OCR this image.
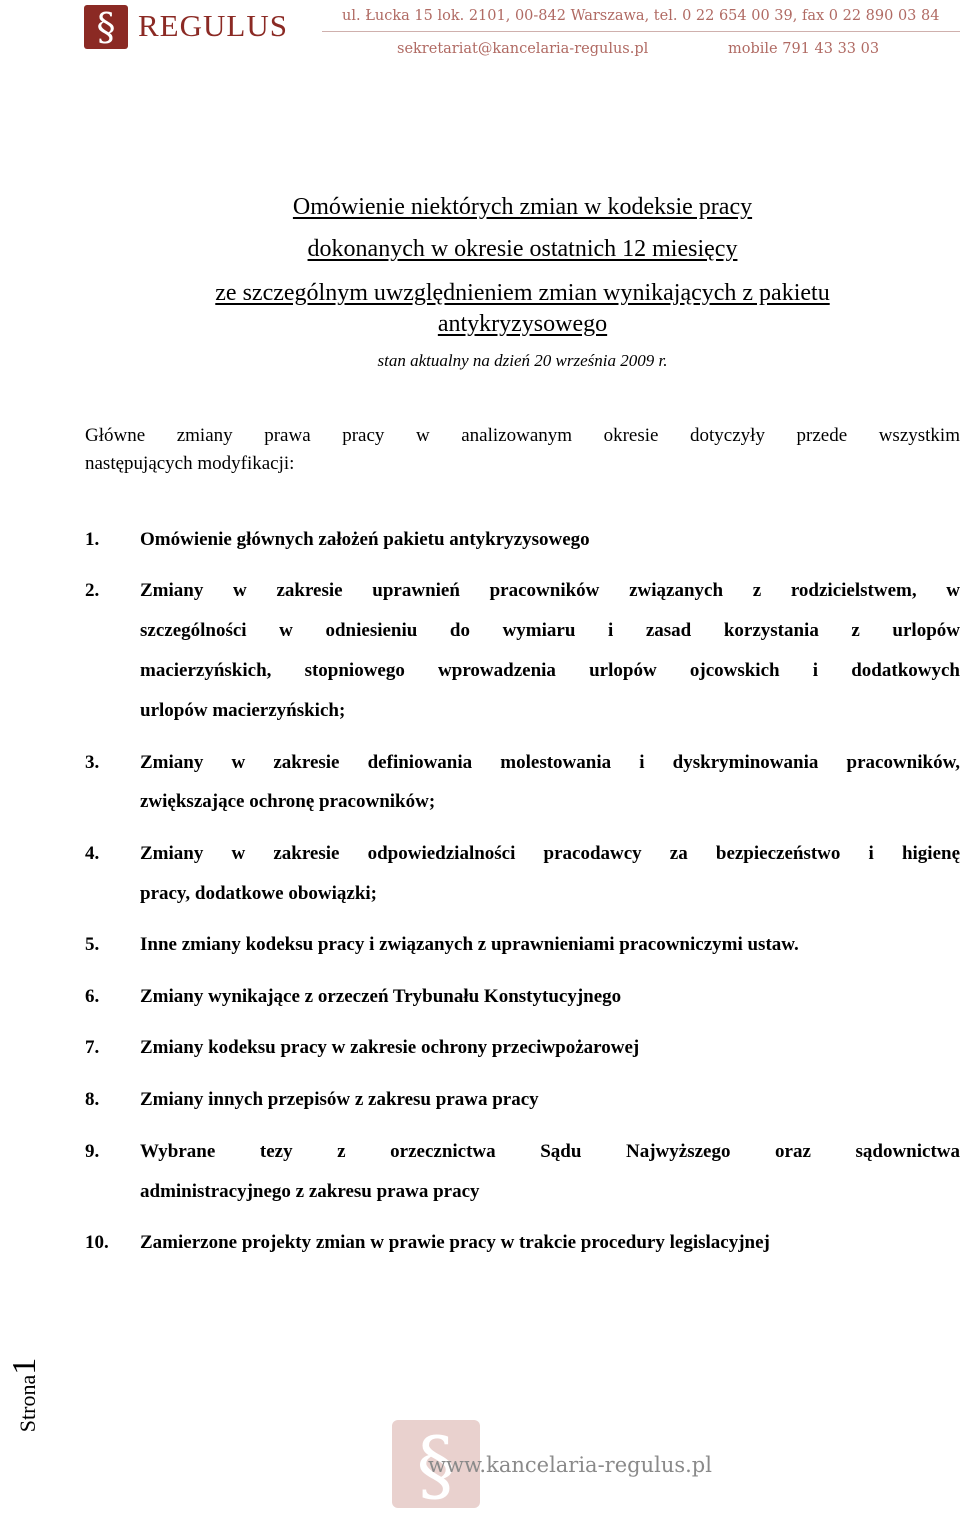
§ REGULUS	ul. Łucka 15 lok. 2101, 00-842 Warszawa, tel. 0 22 654 00 39, fax 0 22 890 03 84
sekretariat@kancelaria-regulus.pl	mobile 791 43 33 03
Omówienie niektórych zmian w kodeksie pracy
dokonanych w okresie ostatnich 12 miesięcy
ze szczególnym uwzględnieniem zmian wynikających z pakietu
antykryzysowego
stan aktualny na dzień 20 września 2009 r.
Główne zmiany prawa pracy w analizowanym okresie dotyczyły przede wszystkim
następujących modyfikacji:
1. Omówienie głównych założeń pakietu antykryzysowego
2. Zmiany w zakresie uprawnień pracowników związanych z rodzicielstwem, w
szczególności w odniesieniu do wymiaru i zasad korzystania z urlopów
macierzyńskich, stopniowego wprowadzenia urlopów ojcowskich i dodatkowych
urlopów macierzyńskich;
3. Zmiany w zakresie definiowania molestowania i dyskryminowania pracowników,
zwiększające ochronę pracowników;
4. Zmiany w zakresie odpowiedzialności pracodawcy za bezpieczeństwo i higienę
pracy, dodatkowe obowiązki;
5. Inne zmiany kodeksu pracy i związanych z uprawnieniami pracowniczymi ustaw.
6. Zmiany wynikające z orzeczeń Trybunału Konstytucyjnego
7. Zmiany kodeksu pracy w zakresie ochrony przeciwpożarowej
8. Zmiany innych przepisów z zakresu prawa pracy
9. Wybrane tezy z orzecznictwa Sądu Najwyższego oraz sądownictwa
administracyjnego z zakresu prawa pracy
10. Zamierzone projekty zmian w prawie pracy w trakcie procedury legislacyjnej
Strona1
§
www.kancelaria-regulus.pl
